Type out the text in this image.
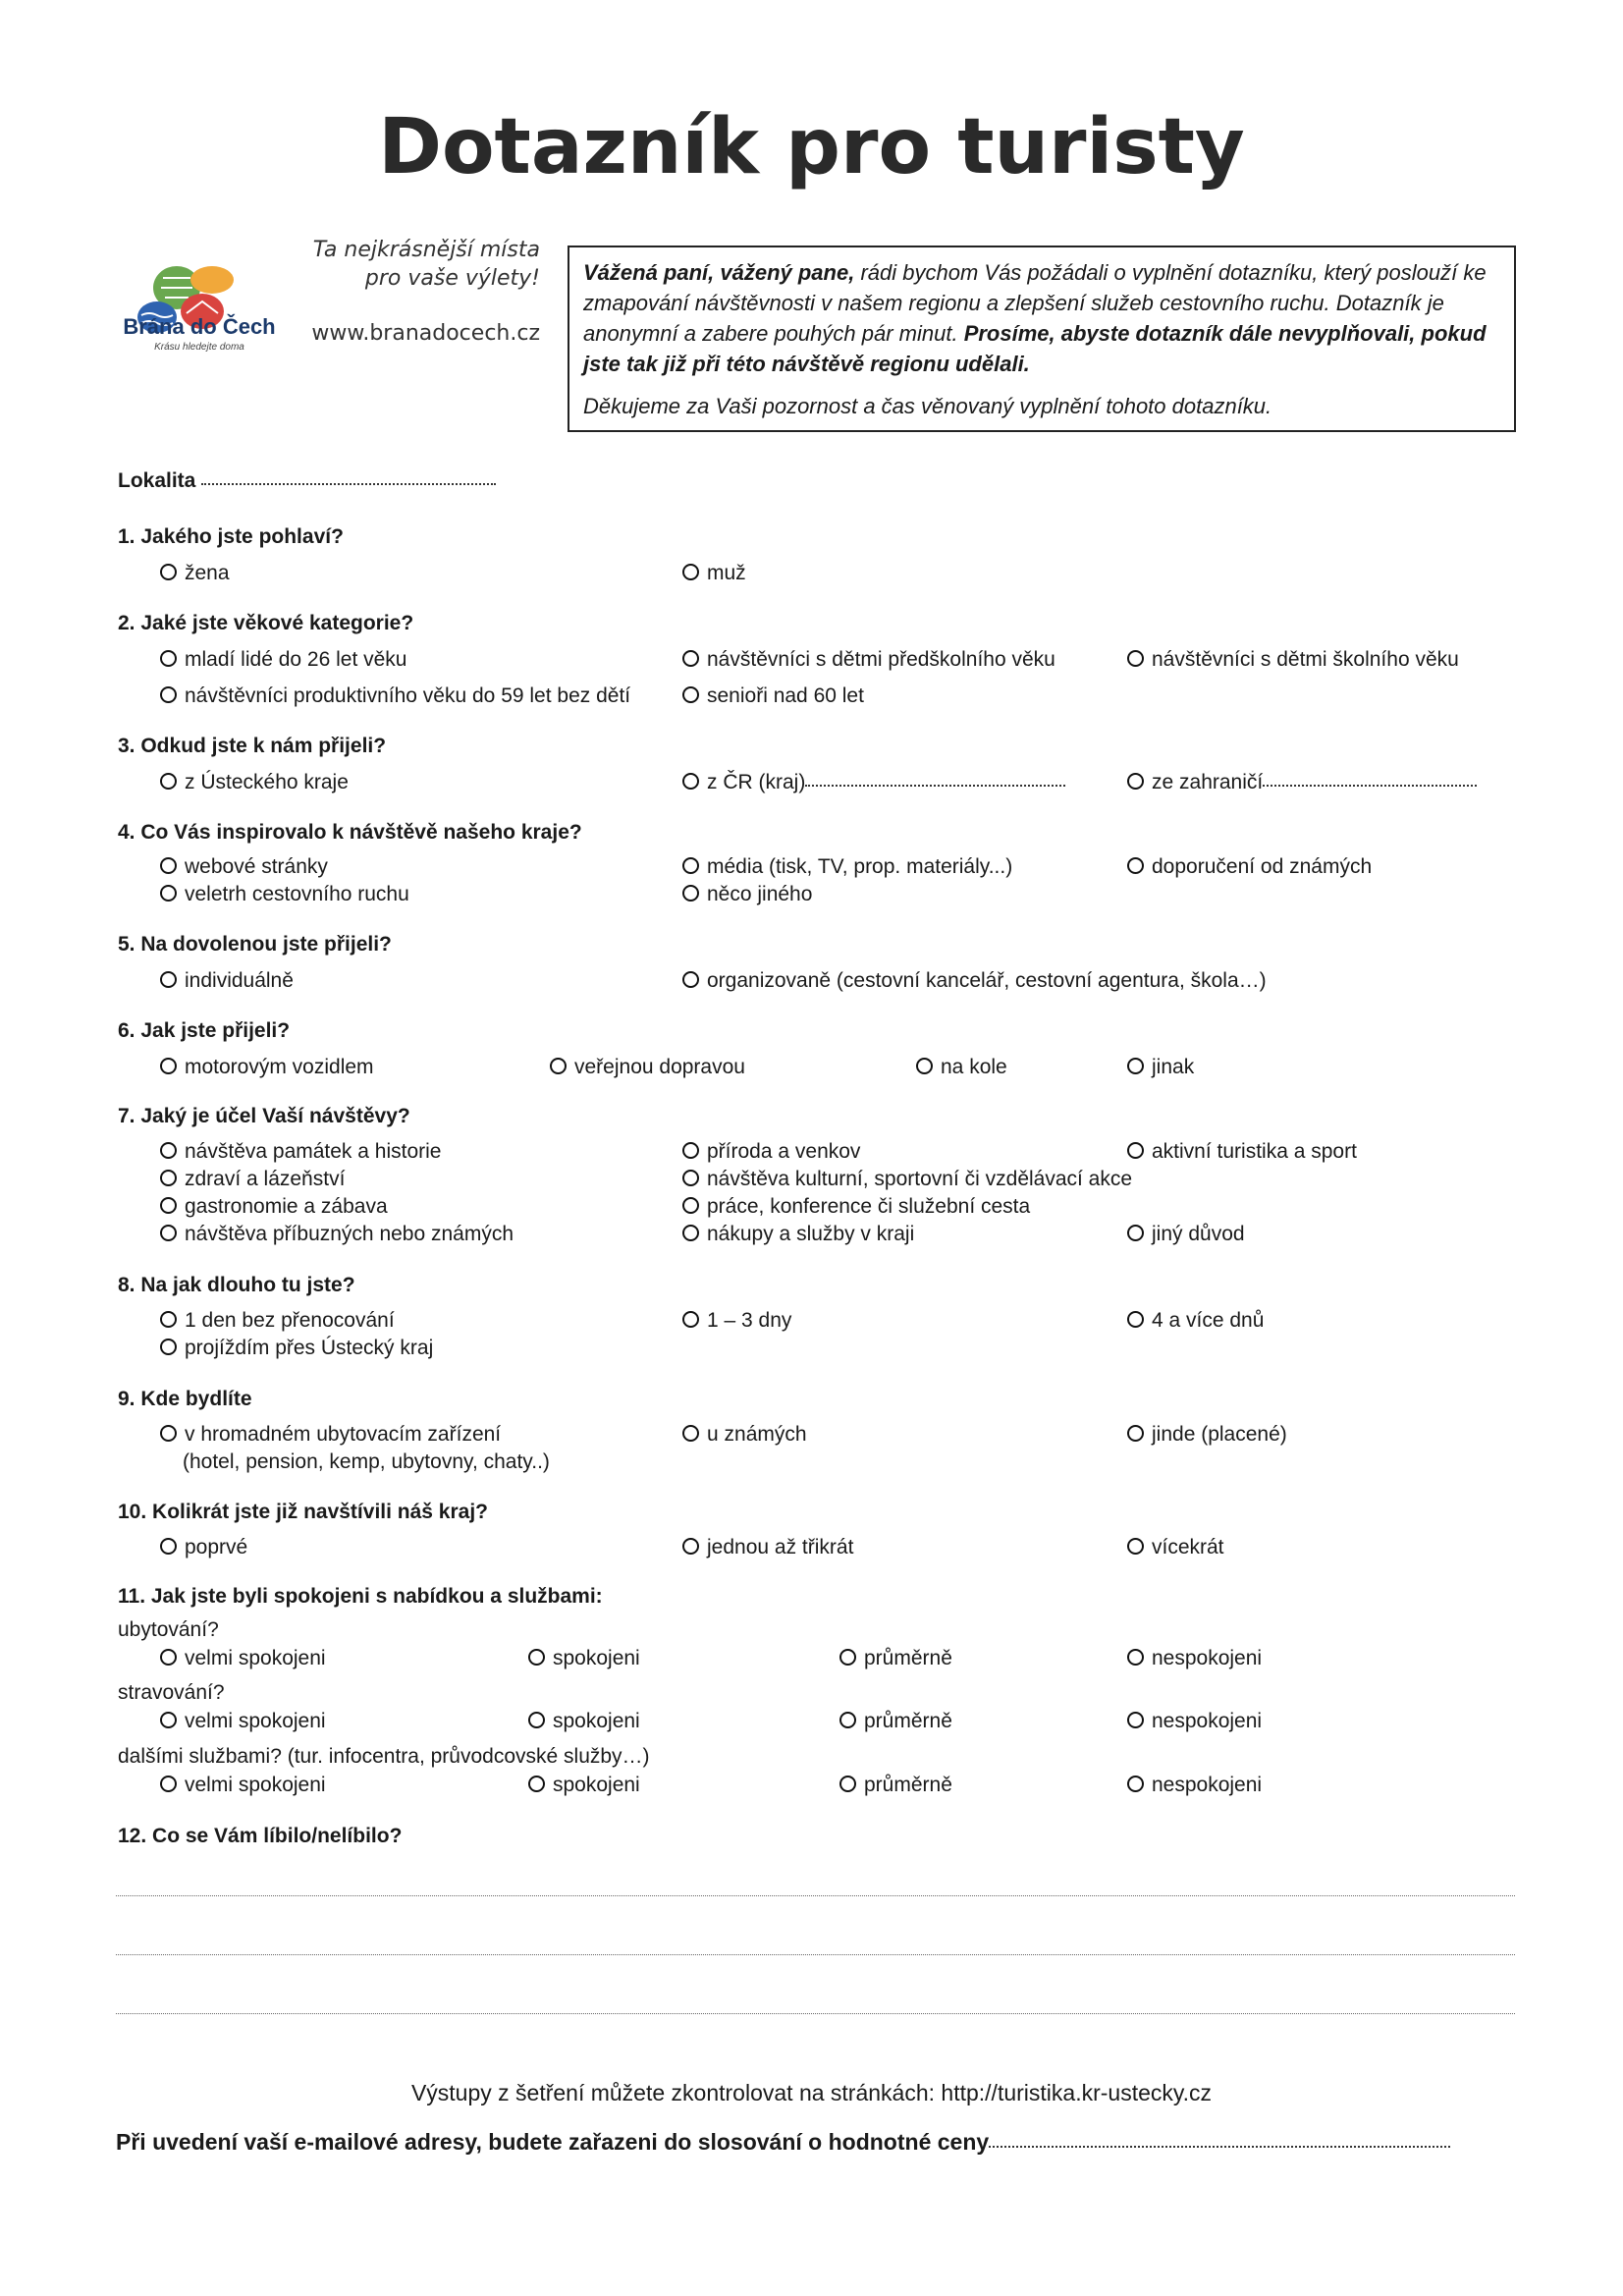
Dotazník pro turisty
Brána do Čech
Krásu hledejte doma
Ta nejkrásnější místa
pro vaše výlety!
www.branadocech.cz

Vážená paní, vážený pane, rádi bychom Vás požádali o vyplnění dotazníku, který poslouží ke zmapování návštěvnosti v našem regionu a zlepšení služeb cestovního ruchu. Dotazník je anonymní a zabere pouhých pár minut. Prosíme, abyste dotazník dále nevyplňovali, pokud jste tak již při této návštěvě regionu udělali.

Děkujeme za Vaši pozornost a čas věnovaný vyplnění tohoto dotazníku.

Lokalita
1. Jakého jste pohlaví?
žena	muž
2. Jaké jste věkové kategorie?
mladí lidé do 26 let věku	návštěvníci s dětmi předškolního věku	návštěvníci s dětmi školního věku
návštěvníci produktivního věku do 59 let bez dětí	senioři nad 60 let
3. Odkud jste k nám přijeli?
z Ústeckého kraje	z ČR (kraj)	ze zahraničí
4. Co Vás inspirovalo k návštěvě našeho kraje?
webové stránky	média (tisk, TV, prop. materiály...)	doporučení od známých
veletrh cestovního ruchu	něco jiného
5. Na dovolenou jste přijeli?
individuálně	organizovaně (cestovní kancelář, cestovní agentura, škola…)
6. Jak jste přijeli?
motorovým vozidlem	veřejnou dopravou	na kole	jinak
7. Jaký je účel Vaší návštěvy?
návštěva památek a historie	příroda a venkov	aktivní turistika a sport
zdraví a lázeňství	návštěva kulturní, sportovní či vzdělávací akce
gastronomie a zábava	práce, konference či služební cesta
návštěva příbuzných nebo známých	nákupy a služby v kraji	jiný důvod
8. Na jak dlouho tu jste?
1 den bez přenocování	1 – 3 dny	4 a více dnů
projíždím přes Ústecký kraj
9. Kde bydlíte
v hromadném ubytovacím zařízení	u známých	jinde (placené)
(hotel, pension, kemp, ubytovny, chaty..)
10. Kolikrát jste již navštívili náš kraj?
poprvé	jednou až třikrát	vícekrát
11. Jak jste byli spokojeni s nabídkou a službami:
ubytování?
velmi spokojeni	spokojeni	průměrně	nespokojeni
stravování?
velmi spokojeni	spokojeni	průměrně	nespokojeni
dalšími službami? (tur. infocentra, průvodcovské služby…)
velmi spokojeni	spokojeni	průměrně	nespokojeni
12. Co se Vám líbilo/nelíbilo?
Výstupy z šetření můžete zkontrolovat na stránkách: http://turistika.kr-ustecky.cz
Při uvedení vaší e-mailové adresy, budete zařazeni do slosování o hodnotné ceny
